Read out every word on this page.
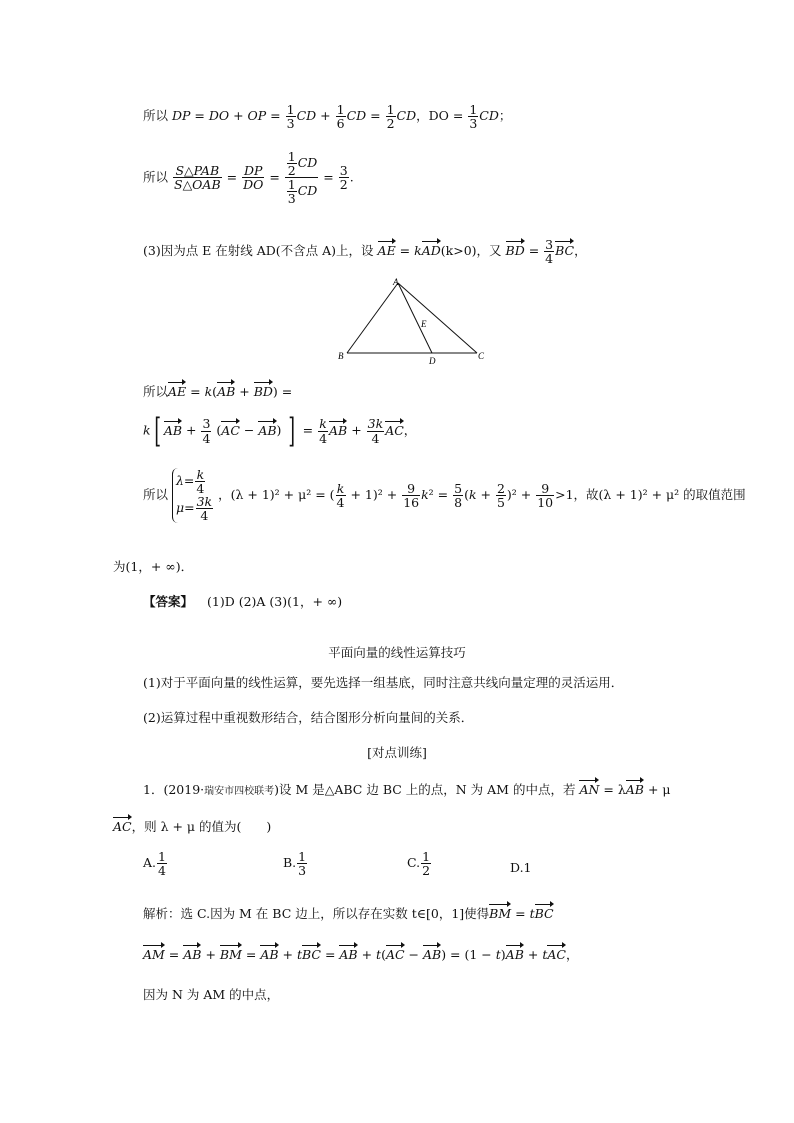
所以 DP = DO + OP = $\frac{1}{3}$ CD + $\frac{1}{6}$ CD = $\frac{1}{2}$ CD，DO = $\frac{1}{3}$ CD；
所以 $\frac{\text{S△PAB}}{\text{S△OAB}} = \frac{DP}{DO} = \frac{\frac{1}{2} CD}{\frac{1}{3} CD} = \frac{3}{2}$ .
(3)因为点 E 在射线 AD(不含点 A)上，设 AE = kAD(k>0)，又 BD = $\frac{3}{4}$ BC，
A
B	C
D
E
所以AE = k(AB + BD) =
k[ AB + $\frac{3}{4} (AC - AB)$ ] = $\frac{k}{4}$ AB + $\frac{3k}{4}$ AC，
所以
$\lambda= \frac{k}{4}$
$\mu= \frac{3k}{4}$
，(λ + 1)² + μ² = ( $\frac{k}{4} + 1)^2 + \frac{9}{16} k^2 = \frac{5}{8} (k + \frac{2}{5} )^2 + \frac{9}{10} >1$，故(λ + 1)² + μ² 的取值范围
为(1，+ ∞)．
【答案】 (1)D (2)A (3)(1，+ ∞)
平面向量的线性运算技巧
(1)对于平面向量的线性运算，要先选择一组基底，同时注意共线向量定理的灵活运用．
(2)运算过程中重视数形结合，结合图形分析向量间的关系．
[对点训练]
1．(2019·瑞安市四校联考)设 M 是△ABC 边 BC 上的点，N 为 AM 的中点，若 AN = λAB + μ
AC，则 λ + μ 的值为(　　)
A. $\frac{1}{4}$	B. $\frac{1}{3}$	C. $\frac{1}{2}$	D.1
解析：选 C.因为 M 在 BC 边上，所以存在实数 t∈[0，1]使得BM = tBC
AM = AB + BM = AB + tBC = AB + t(AC − AB) = (1 − t)AB + tAC，
因为 N 为 AM 的中点，
